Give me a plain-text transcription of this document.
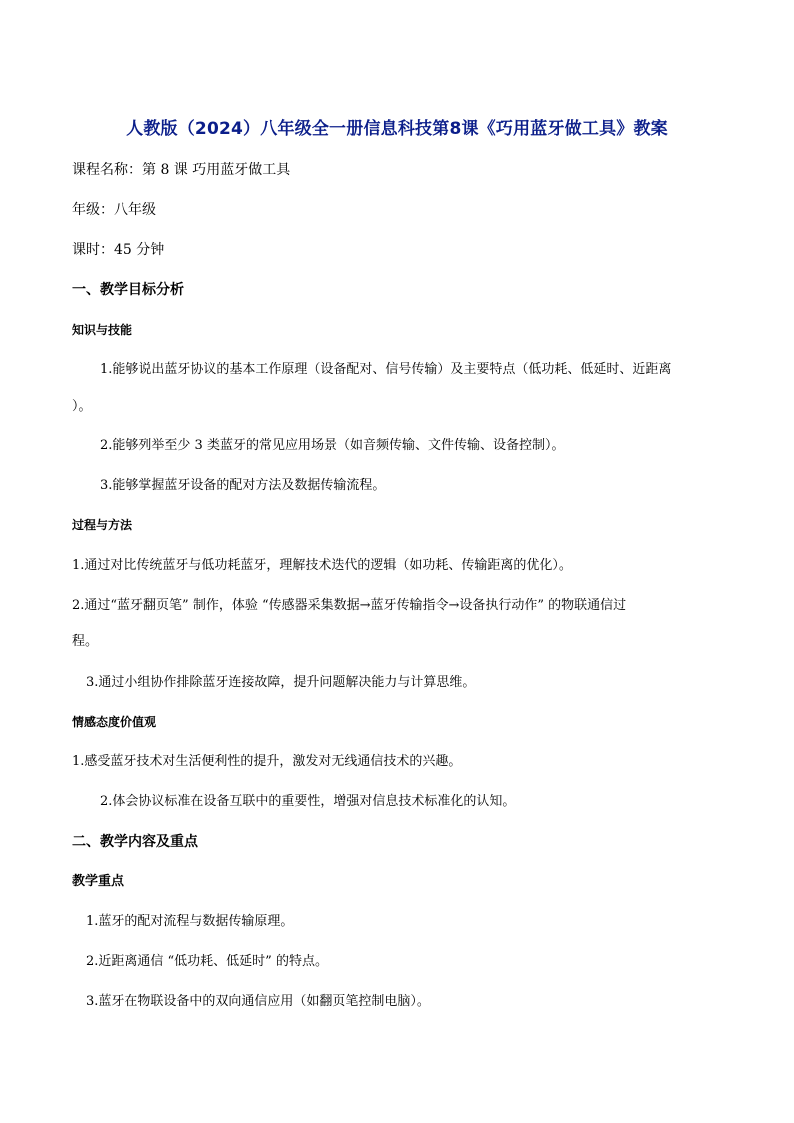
人教版（2024）八年级全一册信息科技第8课《巧用蓝牙做工具》教案
课程名称：第 8 课 巧用蓝牙做工具
年级：八年级
课时：45 分钟
一、教学目标分析
知识与技能
1.能够说出蓝牙协议的基本工作原理（设备配对、信号传输）及主要特点（低功耗、低延时、近距离
）。
2.能够列举至少 3 类蓝牙的常见应用场景（如音频传输、文件传输、设备控制）。
3.能够掌握蓝牙设备的配对方法及数据传输流程。
过程与方法
1.通过对比传统蓝牙与低功耗蓝牙，理解技术迭代的逻辑（如功耗、传输距离的优化）。
2.通过“蓝牙翻页笔” 制作，体验 “传感器采集数据→蓝牙传输指令→设备执行动作” 的物联通信过
程。
3.通过小组协作排除蓝牙连接故障，提升问题解决能力与计算思维。
情感态度价值观
1.感受蓝牙技术对生活便利性的提升，激发对无线通信技术的兴趣。
2.体会协议标准在设备互联中的重要性，增强对信息技术标准化的认知。
二、教学内容及重点
教学重点
1.蓝牙的配对流程与数据传输原理。
2.近距离通信 “低功耗、低延时” 的特点。
3.蓝牙在物联设备中的双向通信应用（如翻页笔控制电脑）。
